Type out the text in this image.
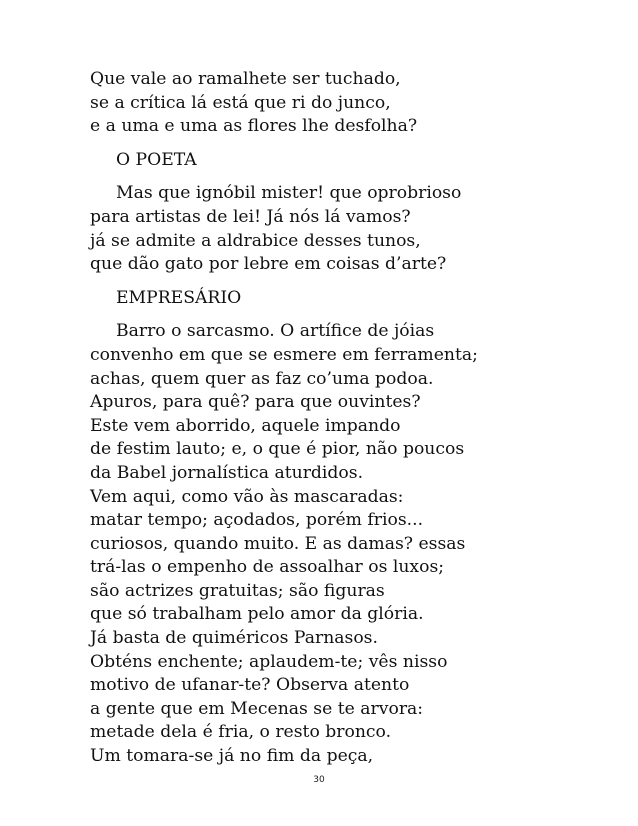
Que vale ao ramalhete ser tuchado,
se a crítica lá está que ri do junco,
e a uma e uma as flores lhe desfolha?
O POETA
Mas que ignóbil mister! que oprobrioso
para artistas de lei! Já nós lá vamos?
já se admite a aldrabice desses tunos,
que dão gato por lebre em coisas d’arte?
EMPRESÁRIO
Barro o sarcasmo. O artífice de jóias
convenho em que se esmere em ferramenta;
achas, quem quer as faz co’uma podoa.
Apuros, para quê? para que ouvintes?
Este vem aborrido, aquele impando
de festim lauto; e, o que é pior, não poucos
da Babel jornalística aturdidos.
Vem aqui, como vão às mascaradas:
matar tempo; açodados, porém frios...
curiosos, quando muito. E as damas? essas
trá-las o empenho de assoalhar os luxos;
são actrizes gratuitas; são figuras
que só trabalham pelo amor da glória.
Já basta de quiméricos Parnasos.
Obténs enchente; aplaudem-te; vês nisso
motivo de ufanar-te? Observa atento
a gente que em Mecenas se te arvora:
metade dela é fria, o resto bronco.
Um tomara-se já no fim da peça,
30
